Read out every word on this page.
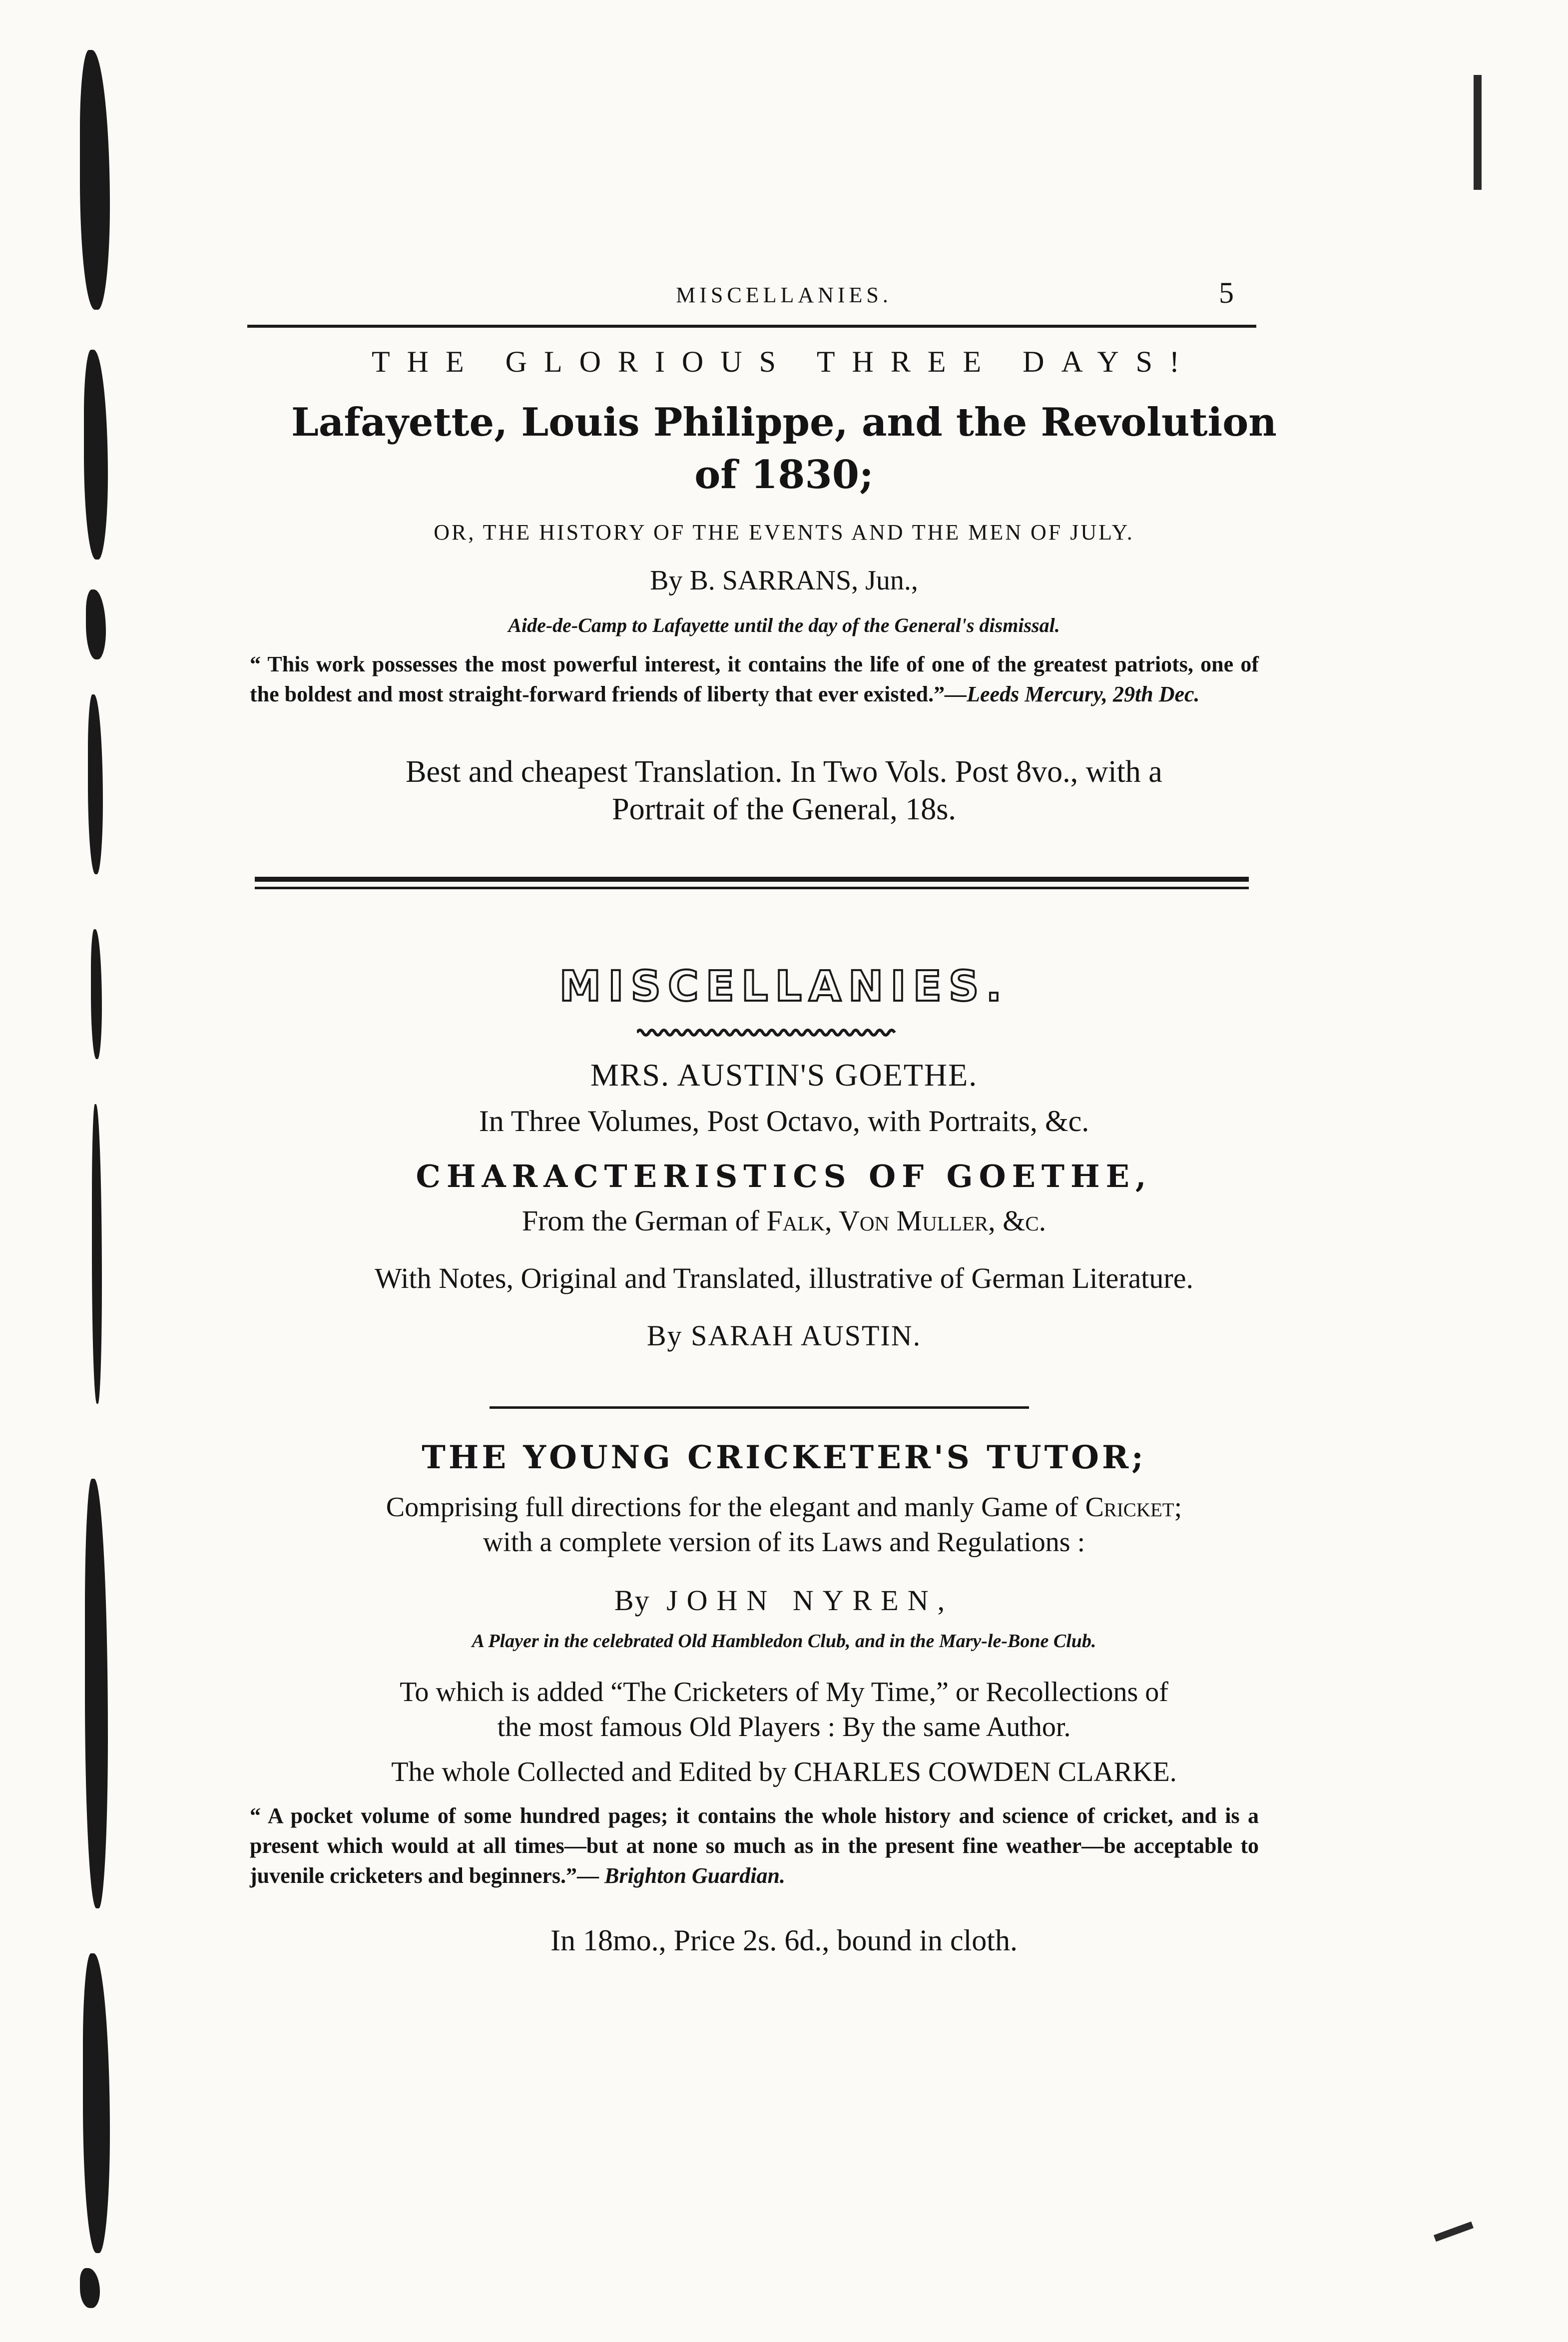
MISCELLANIES.	5
THE GLORIOUS THREE DAYS!
Lafayette, Louis Philippe, and the Revolution
of 1830;
OR, THE HISTORY OF THE EVENTS AND THE MEN OF JULY.
By B. SARRANS, Jun.,
Aide-de-Camp to Lafayette until the day of the General's dismissal.

“ This work possesses the most powerful interest, it contains the life of one of the greatest patriots, one of the boldest and most straight-forward friends of liberty that ever existed.”—Leeds Mercury, 29th Dec.

Best and cheapest Translation. In Two Vols. Post 8vo., with a
Portrait of the General, 18s.
MISCELLANIES.
MRS. AUSTIN'S GOETHE.
In Three Volumes, Post Octavo, with Portraits, &c.
CHARACTERISTICS OF GOETHE,
From the German of Falk, Von Muller, &c.
With Notes, Original and Translated, illustrative of German Literature.
By SARAH AUSTIN.
THE YOUNG CRICKETER'S TUTOR;
Comprising full directions for the elegant and manly Game of Cricket;
with a complete version of its Laws and Regulations :
By JOHN NYREN,
A Player in the celebrated Old Hambledon Club, and in the Mary-le-Bone Club.
To which is added “The Cricketers of My Time,” or Recollections of
the most famous Old Players : By the same Author.
The whole Collected and Edited by CHARLES COWDEN CLARKE.

“ A pocket volume of some hundred pages; it contains the whole history and science of cricket, and is a present which would at all times—but at none so much as in the present fine weather—be acceptable to juvenile cricketers and beginners.”— Brighton Guardian.

In 18mo., Price 2s. 6d., bound in cloth.
